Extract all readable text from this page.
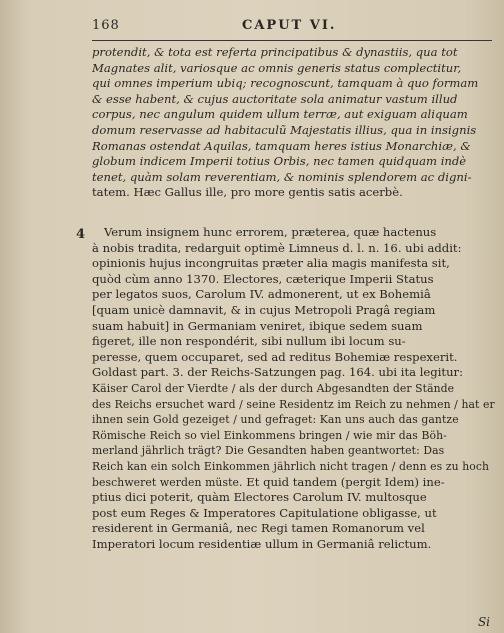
168	CAPUT VI.
protendit, & tota est referta principatibus & dynastiis, qua tot
Magnates alit, variosque ac omnis generis status complectitur,
qui omnes imperium ubiq; recognoscunt, tamquam à quo formam
& esse habent, & cujus auctoritate sola animatur vastum illud
corpus, nec angulum quidem ullum terræ, aut exiguam aliquam
domum reservasse ad habitaculũ Majestatis illius, qua in insignis
Romanas ostendat Aquilas, tamquam heres istius Monarchiæ, &
globum indicem Imperii totius Orbis, nec tamen quidquam indè
tenet, quàm solam reverentiam, & nominis splendorem ac digni-
tatem. Hæc Gallus ille, pro more gentis satis acerbè.
4	Verum insignem hunc errorem, præterea, quæ hactenus
à nobis tradita, redarguit optimè Limneus d. l. n. 16. ubi addit:
opinionis hujus incongruitas præter alia magis manifesta sit,
quòd cùm anno 1370. Electores, cæterique Imperii Status
per legatos suos, Carolum IV. admonerent, ut ex Bohemiâ
[quam unicè damnavit, & in cujus Metropoli Pragâ regiam
suam habuit] in Germaniam veniret, ibique sedem suam
figeret, ille non respondérit, sibi nullum ibi locum su-
peresse, quem occuparet, sed ad reditus Bohemiæ respexerit.
Goldast part. 3. der Reichs-Satzungen pag. 164. ubi ita legitur:
Käiser Carol der Vierdte / als der durch Abgesandten der Stände
des Reichs ersuchet ward / seine Residentz im Reich zu nehmen / hat er
ihnen sein Gold gezeiget / und gefraget: Kan uns auch das gantze
Römische Reich so viel Einkommens bringen / wie mir das Böh-
merland jährlich trägt? Die Gesandten haben geantwortet: Das
Reich kan ein solch Einkommen jährlich nicht tragen / denn es zu hoch
beschweret werden müste. Et quid tandem (pergit Idem) ine-
ptius dici poterit, quàm Electores Carolum IV. multosque
post eum Reges & Imperatores Capitulatione obligasse, ut
residerent in Germaniâ, nec Regi tamen Romanorum vel
Imperatori locum residentiæ ullum in Germaniâ relictum.
Si
